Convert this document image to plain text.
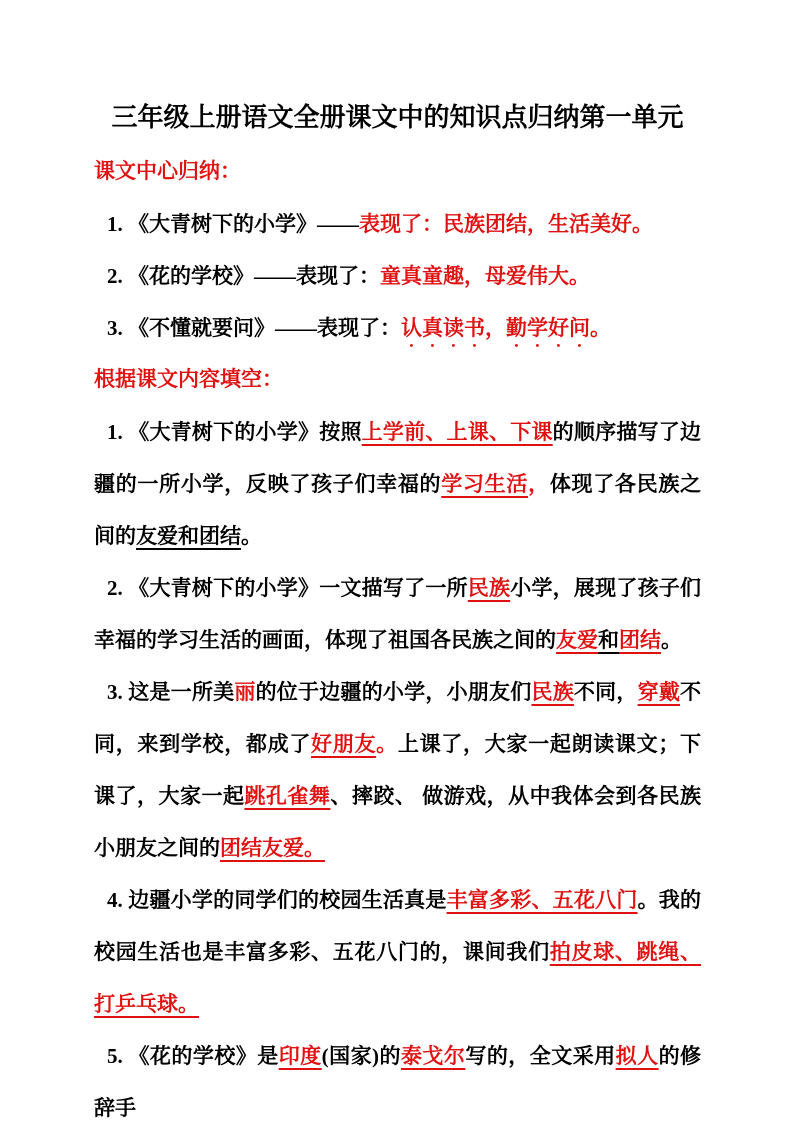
三年级上册语文全册课文中的知识点归纳第一单元
课文中心归纳：

1. 《大青树下的小学》——表现了：民族团结，生活美好。

2. 《花的学校》——表现了：童真童趣，母爱伟大。

3. 《不懂就要问》——表现了：认真读书，勤学好问。

根据课文内容填空：

1. 《大青树下的小学》按照上学前、上课、下课的顺序描写了边疆的一所小学，反映了孩子们幸福的学习生活，体现了各民族之间的友爱和团结。

2. 《大青树下的小学》一文描写了一所民族小学，展现了孩子们幸福的学习生活的画面，体现了祖国各民族之间的友爱和团结。

3. 这是一所美丽的位于边疆的小学，小朋友们民族不同，穿戴不同，来到学校，都成了好朋友。上课了，大家一起朗读课文；下课了，大家一起跳孔雀舞、摔跤、 做游戏，从中我体会到各民族小朋友之间的团结友爱。

4. 边疆小学的同学们的校园生活真是丰富多彩、五花八门。我的校园生活也是丰富多彩、五花八门的，课间我们拍皮球、跳绳、打乒乓球。

5. 《花的学校》是印度(国家)的泰戈尔写的，全文采用拟人的修辞手
